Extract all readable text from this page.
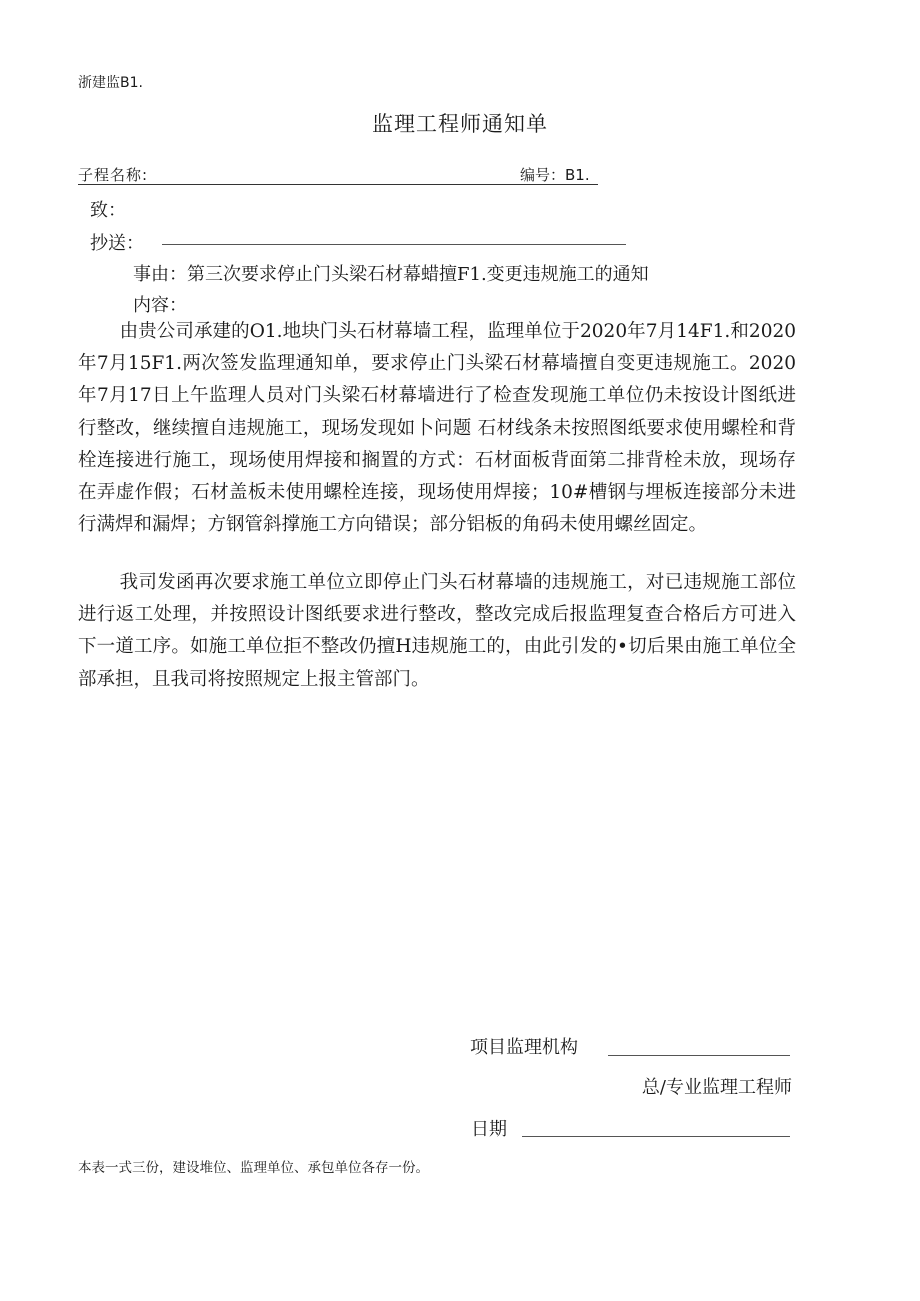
浙建监B1.
监理工程师通知单
子程名称:	编号：B1.
致：
抄送：
事由：第三次要求停止门头梁石材幕蜡擅F1.变更违规施工的通知
内容：
由贵公司承建的O1.地块门头石材幕墙工程，监理单位于2020年7月14F1.和2020年7月15F1.两次签发监理通知单，要求停止门头梁石材幕墙擅自变更违规施工。2020年7月17日上午监理人员对门头梁石材幕墙进行了检查发现施工单位仍未按设计图纸进行整改，继续擅自违规施工，现场发现如卜问题 石材线条未按照图纸要求使用螺栓和背栓连接进行施工，现场使用焊接和搁置的方式：石材面板背面第二排背栓未放，现场存在弄虚作假；石材盖板未使用螺栓连接，现场使用焊接；10#槽钢与埋板连接部分未进行满焊和漏焊；方钢管斜撑施工方向错误；部分铝板的角码未使用螺丝固定。
我司发函再次要求施工单位立即停止门头石材幕墙的违规施工，对已违规施工部位进行返工处理，并按照设计图纸要求进行整改，整改完成后报监理复查合格后方可进入下一道工序。如施工单位拒不整改仍擅H违规施工的，由此引发的•切后果由施工单位全部承担，且我司将按照规定上报主管部门。
项目监理机构
总/专业监理工程师
日期
本表一式三份，建设堆位、监理单位、承包单位各存一份。
